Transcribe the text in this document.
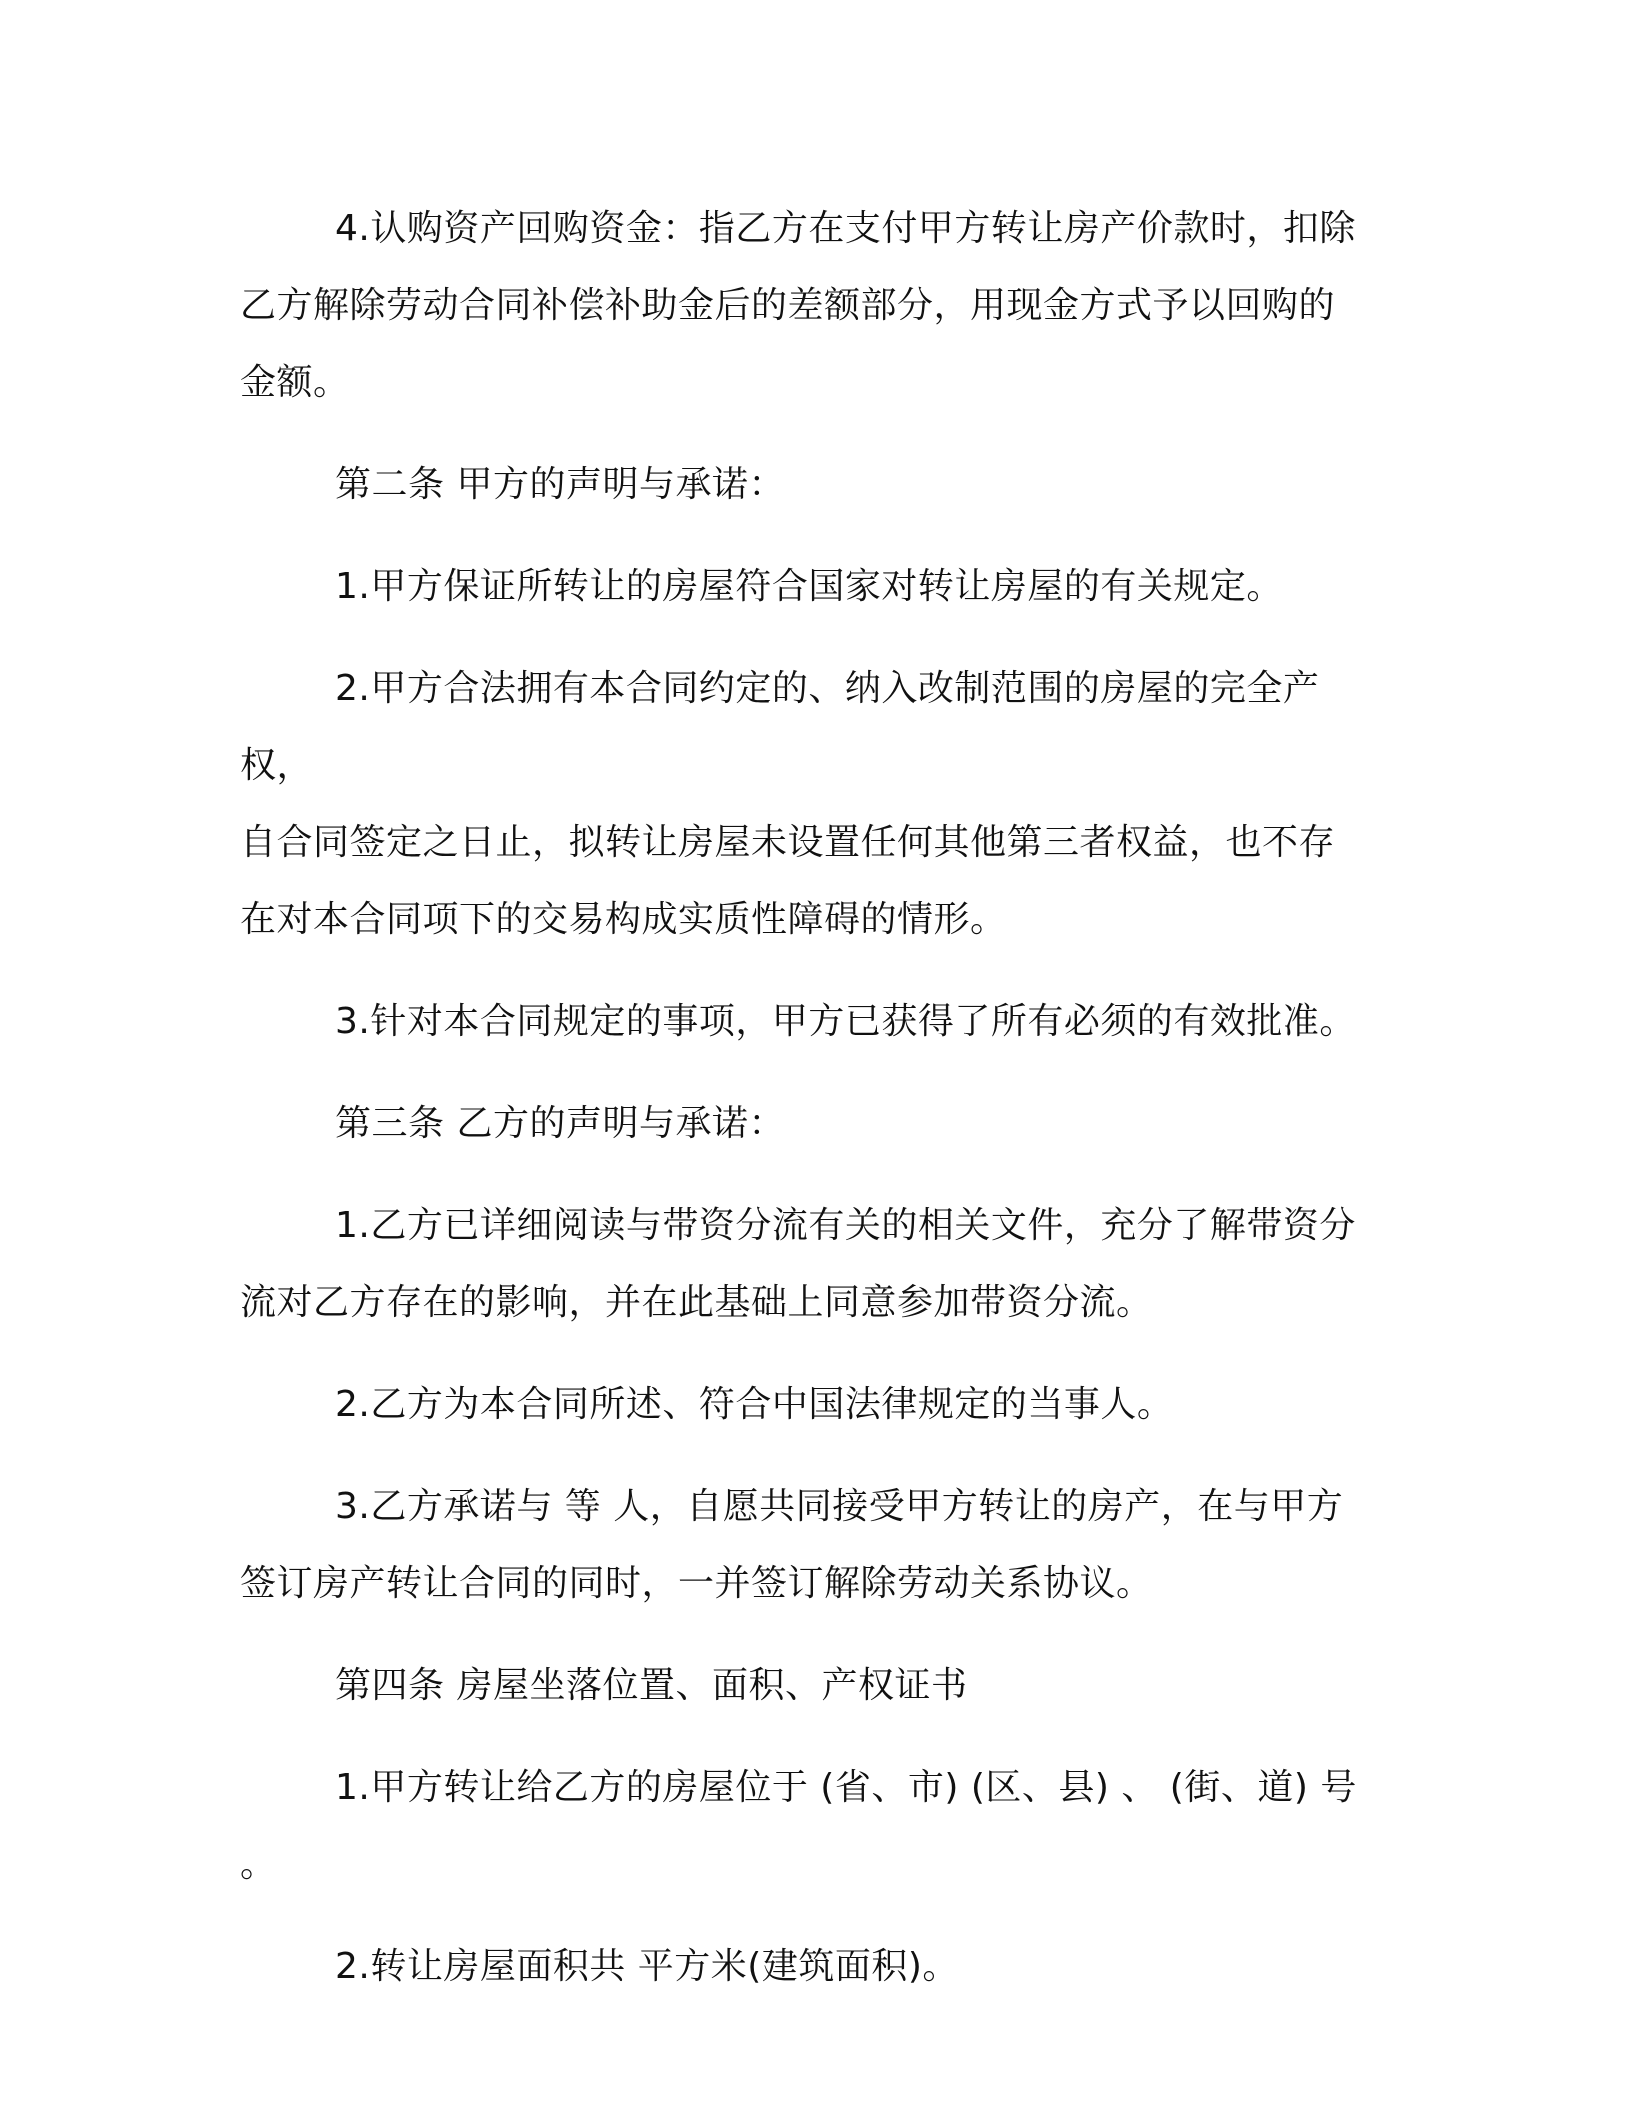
4.认购资产回购资金：指乙方在支付甲方转让房产价款时，扣除
乙方解除劳动合同补偿补助金后的差额部分，用现金方式予以回购的
金额。

第二条 甲方的声明与承诺：

1.甲方保证所转让的房屋符合国家对转让房屋的有关规定。

2.甲方合法拥有本合同约定的、纳入改制范围的房屋的完全产权，
自合同签定之日止，拟转让房屋未设置任何其他第三者权益，也不存
在对本合同项下的交易构成实质性障碍的情形。

3.针对本合同规定的事项，甲方已获得了所有必须的有效批准。

第三条 乙方的声明与承诺：

1.乙方已详细阅读与带资分流有关的相关文件，充分了解带资分
流对乙方存在的影响，并在此基础上同意参加带资分流。

2.乙方为本合同所述、符合中国法律规定的当事人。

3.乙方承诺与 等 人，自愿共同接受甲方转让的房产，在与甲方
签订房产转让合同的同时，一并签订解除劳动关系协议。

第四条 房屋坐落位置、面积、产权证书

1.甲方转让给乙方的房屋位于 (省、市) (区、县) 、 (街、道) 号 。

2.转让房屋面积共 平方米(建筑面积)。
